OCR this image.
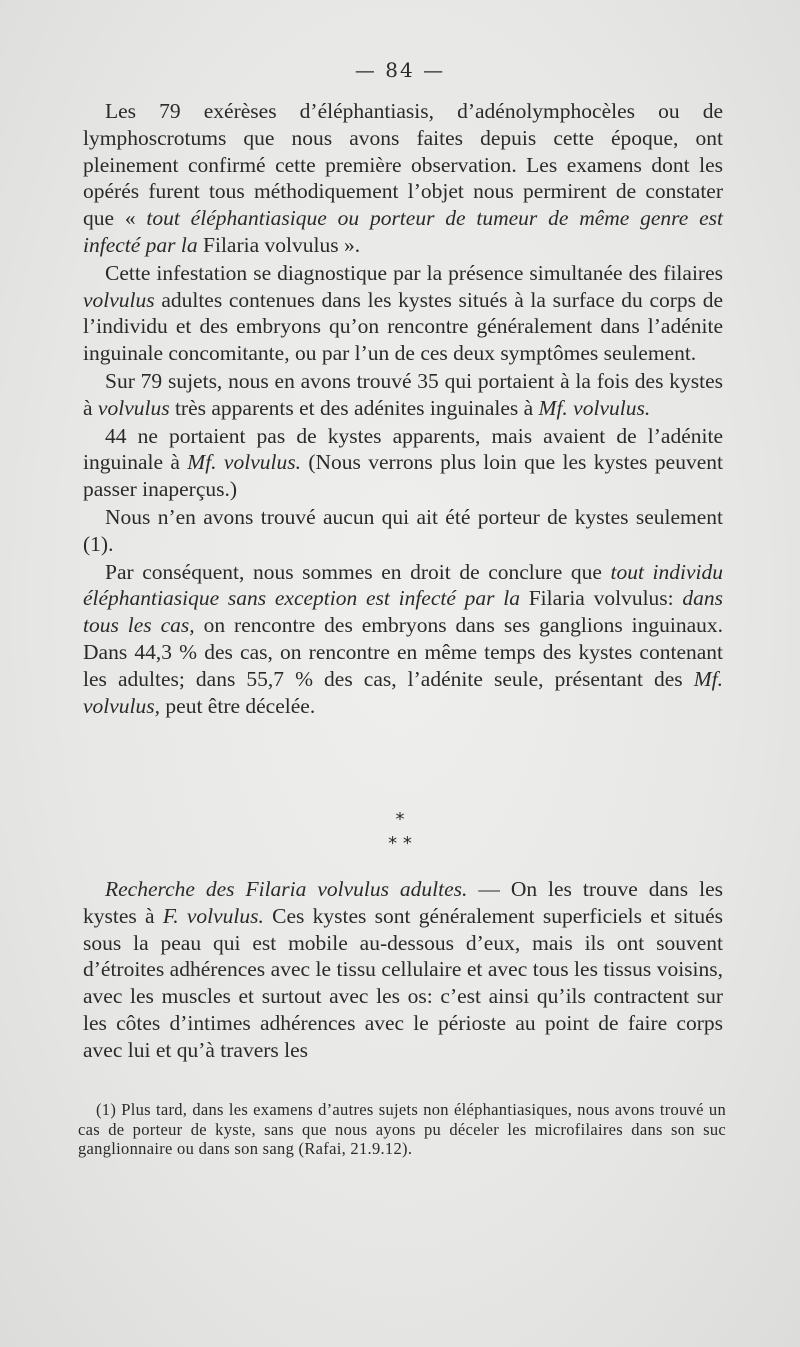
— 84 —

Les 79 exérèses d’éléphantiasis, d’adénolymphocèles ou de lymphoscrotums que nous avons faites depuis cette époque, ont pleinement confirmé cette première observation. Les examens dont les opérés furent tous méthodiquement l’objet nous permirent de constater que « tout éléphantiasique ou porteur de tumeur de même genre est infecté par la Filaria volvulus ».

Cette infestation se diagnostique par la présence simultanée des filaires volvulus adultes contenues dans les kystes situés à la surface du corps de l’individu et des embryons qu’on rencontre généralement dans l’adénite inguinale concomitante, ou par l’un de ces deux symptômes seulement.

Sur 79 sujets, nous en avons trouvé 35 qui portaient à la fois des kystes à volvulus très apparents et des adénites inguinales à Mf. volvulus.

44 ne portaient pas de kystes apparents, mais avaient de l’adénite inguinale à Mf. volvulus. (Nous verrons plus loin que les kystes peuvent passer inaperçus.)

Nous n’en avons trouvé aucun qui ait été porteur de kystes seulement (1).

Par conséquent, nous sommes en droit de conclure que tout individu éléphantiasique sans exception est infecté par la Filaria volvulus: dans tous les cas, on rencontre des embryons dans ses ganglions inguinaux. Dans 44,3 % des cas, on rencontre en même temps des kystes contenant les adultes; dans 55,7 % des cas, l’adénite seule, présentant des Mf. volvulus, peut être décelée.

*
* *

Recherche des Filaria volvulus adultes. — On les trouve dans les kystes à F. volvulus. Ces kystes sont généralement superficiels et situés sous la peau qui est mobile au-dessous d’eux, mais ils ont souvent d’étroites adhérences avec le tissu cellulaire et avec tous les tissus voisins, avec les muscles et surtout avec les os: c’est ainsi qu’ils contractent sur les côtes d’intimes adhérences avec le périoste au point de faire corps avec lui et qu’à travers les

(1) Plus tard, dans les examens d’autres sujets non éléphantiasiques, nous avons trouvé un cas de porteur de kyste, sans que nous ayons pu déceler les microfilaires dans son suc ganglionnaire ou dans son sang (Rafai, 21.9.12).
